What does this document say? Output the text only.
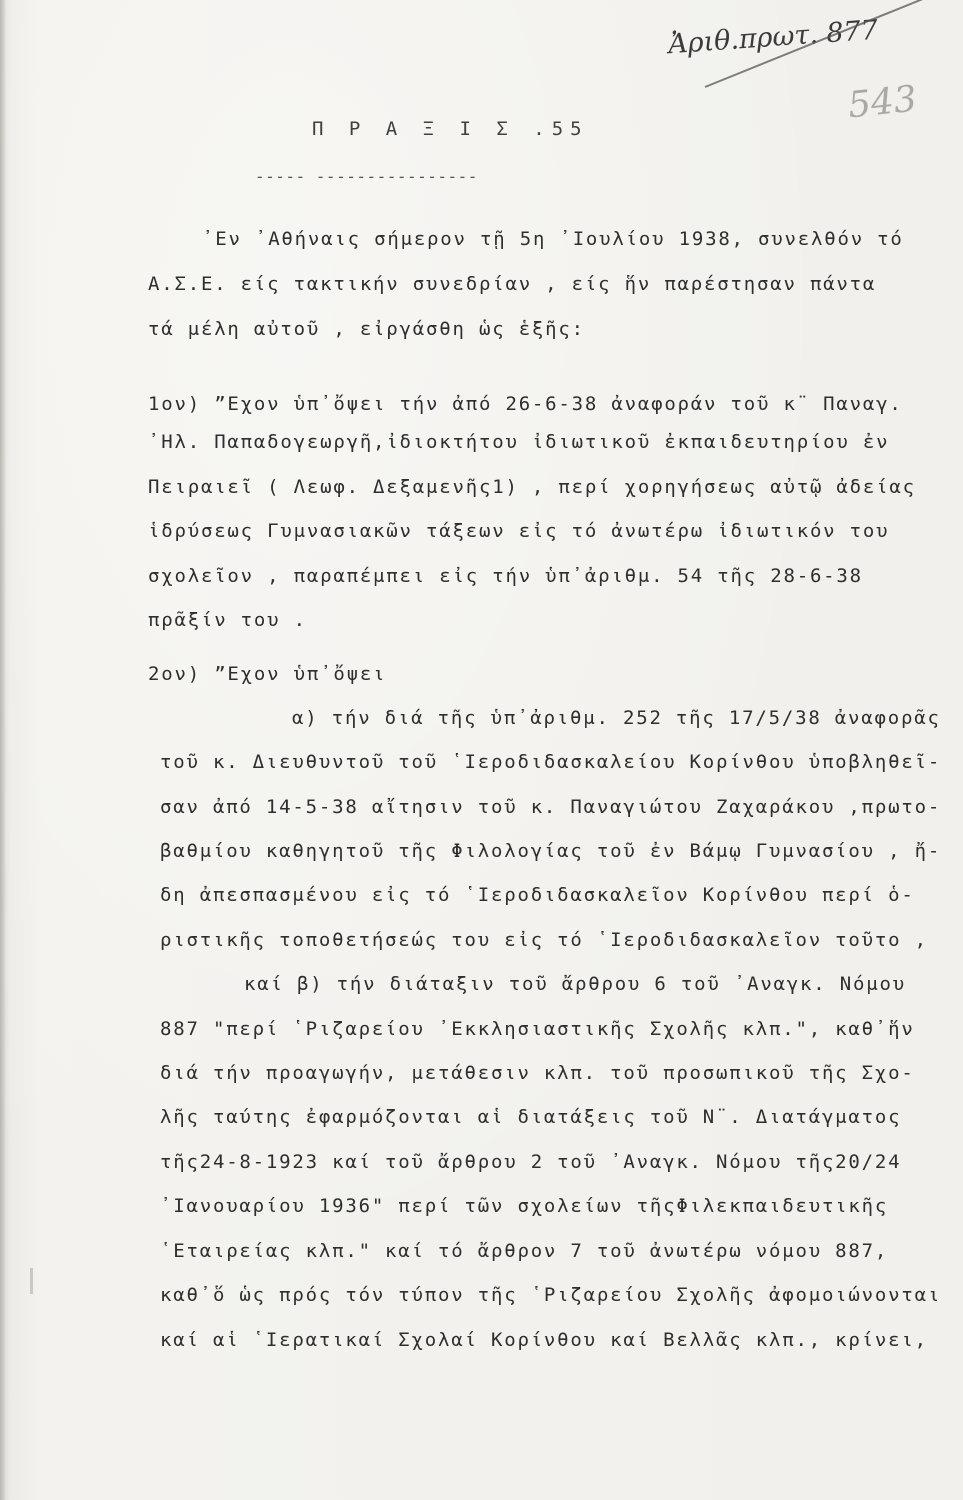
Ἀριθ.πρωτ. 877
543
Π Ρ Α Ξ Ι Σ .55
----- ----------------
᾿Εν ᾿Αθήναις σήμερον τῇ 5η ᾿Ιουλίου 1938, συνελθόν τό
Α.Σ.Ε. είς τακτικήν συνεδρίαν , είς ἥν παρέστησαν πάντα
τά μέλη αὐτοῦ , εἰργάσθη ὡς ἑξῆς:
1ον) ”Εχον ὑπ᾿ὄψει τήν ἀπό 26-6-38 ἀναφοράν τοῦ κ¨ Παναγ.
᾿Ηλ. Παπαδογεωργῆ,ἰδιοκτήτου ἰδιωτικοῦ ἐκπαιδευτηρίου ἐν
Πειραιεῖ ( Λεωφ. Δεξαμενῆς1) , περί χορηγήσεως αὐτῷ ἀδείας
ἱδρύσεως Γυμνασιακῶν τάξεων εἰς τό ἀνωτέρω ἰδιωτικόν του
σχολεῖον , παραπέμπει εἰς τήν ὑπ᾿ἀριθμ. 54 τῆς 28-6-38
πρᾶξίν του .
2ον) ”Εχον ὑπ᾿ὄψει
α) τήν διά τῆς ὑπ᾿ἀριθμ. 252 τῆς 17/5/38 ἀναφορᾶς
τοῦ κ. Διευθυντοῦ τοῦ ῾Ιεροδιδασκαλείου Κορίνθου ὑποβληθεῖ-
σαν ἀπό 14-5-38 αἴτησιν τοῦ κ. Παναγιώτου Ζαχαράκου ,πρωτο-
βαθμίου καθηγητοῦ τῆς Φιλολογίας τοῦ ἐν Βάμῳ Γυμνασίου , ἤ-
δη ἀπεσπασμένου εἰς τό ῾Ιεροδιδασκαλεῖον Κορίνθου περί ὁ-
ριστικῆς τοποθετήσεώς του εἰς τό ῾Ιεροδιδασκαλεῖον τοῦτο ,
καί β) τήν διάταξιν τοῦ ἄρθρου 6 τοῦ ᾿Αναγκ. Νόμου
887 "περί ῾Ριζαρείου ᾿Εκκλησιαστικῆς Σχολῆς κλπ.", καθ᾿ἥν
διά τήν προαγωγήν, μετάθεσιν κλπ. τοῦ προσωπικοῦ τῆς Σχο-
λῆς ταύτης ἐφαρμόζονται αἱ διατάξεις τοῦ Ν¨. Διατάγματος
τῆς24-8-1923 καί τοῦ ἄρθρου 2 τοῦ ᾿Αναγκ. Νόμου τῆς20/24
᾿Ιανουαρίου 1936" περί τῶν σχολείων τῆςΦιλεκπαιδευτικῆς
῾Εταιρείας κλπ." καί τό ἄρθρον 7 τοῦ ἀνωτέρω νόμου 887,
καθ᾿ὅ ὡς πρός τόν τύπον τῆς ῾Ριζαρείου Σχολῆς ἀφομοιώνονται
καί αἱ ῾Ιερατικαί Σχολαί Κορίνθου καί Βελλᾶς κλπ., κρίνει,
